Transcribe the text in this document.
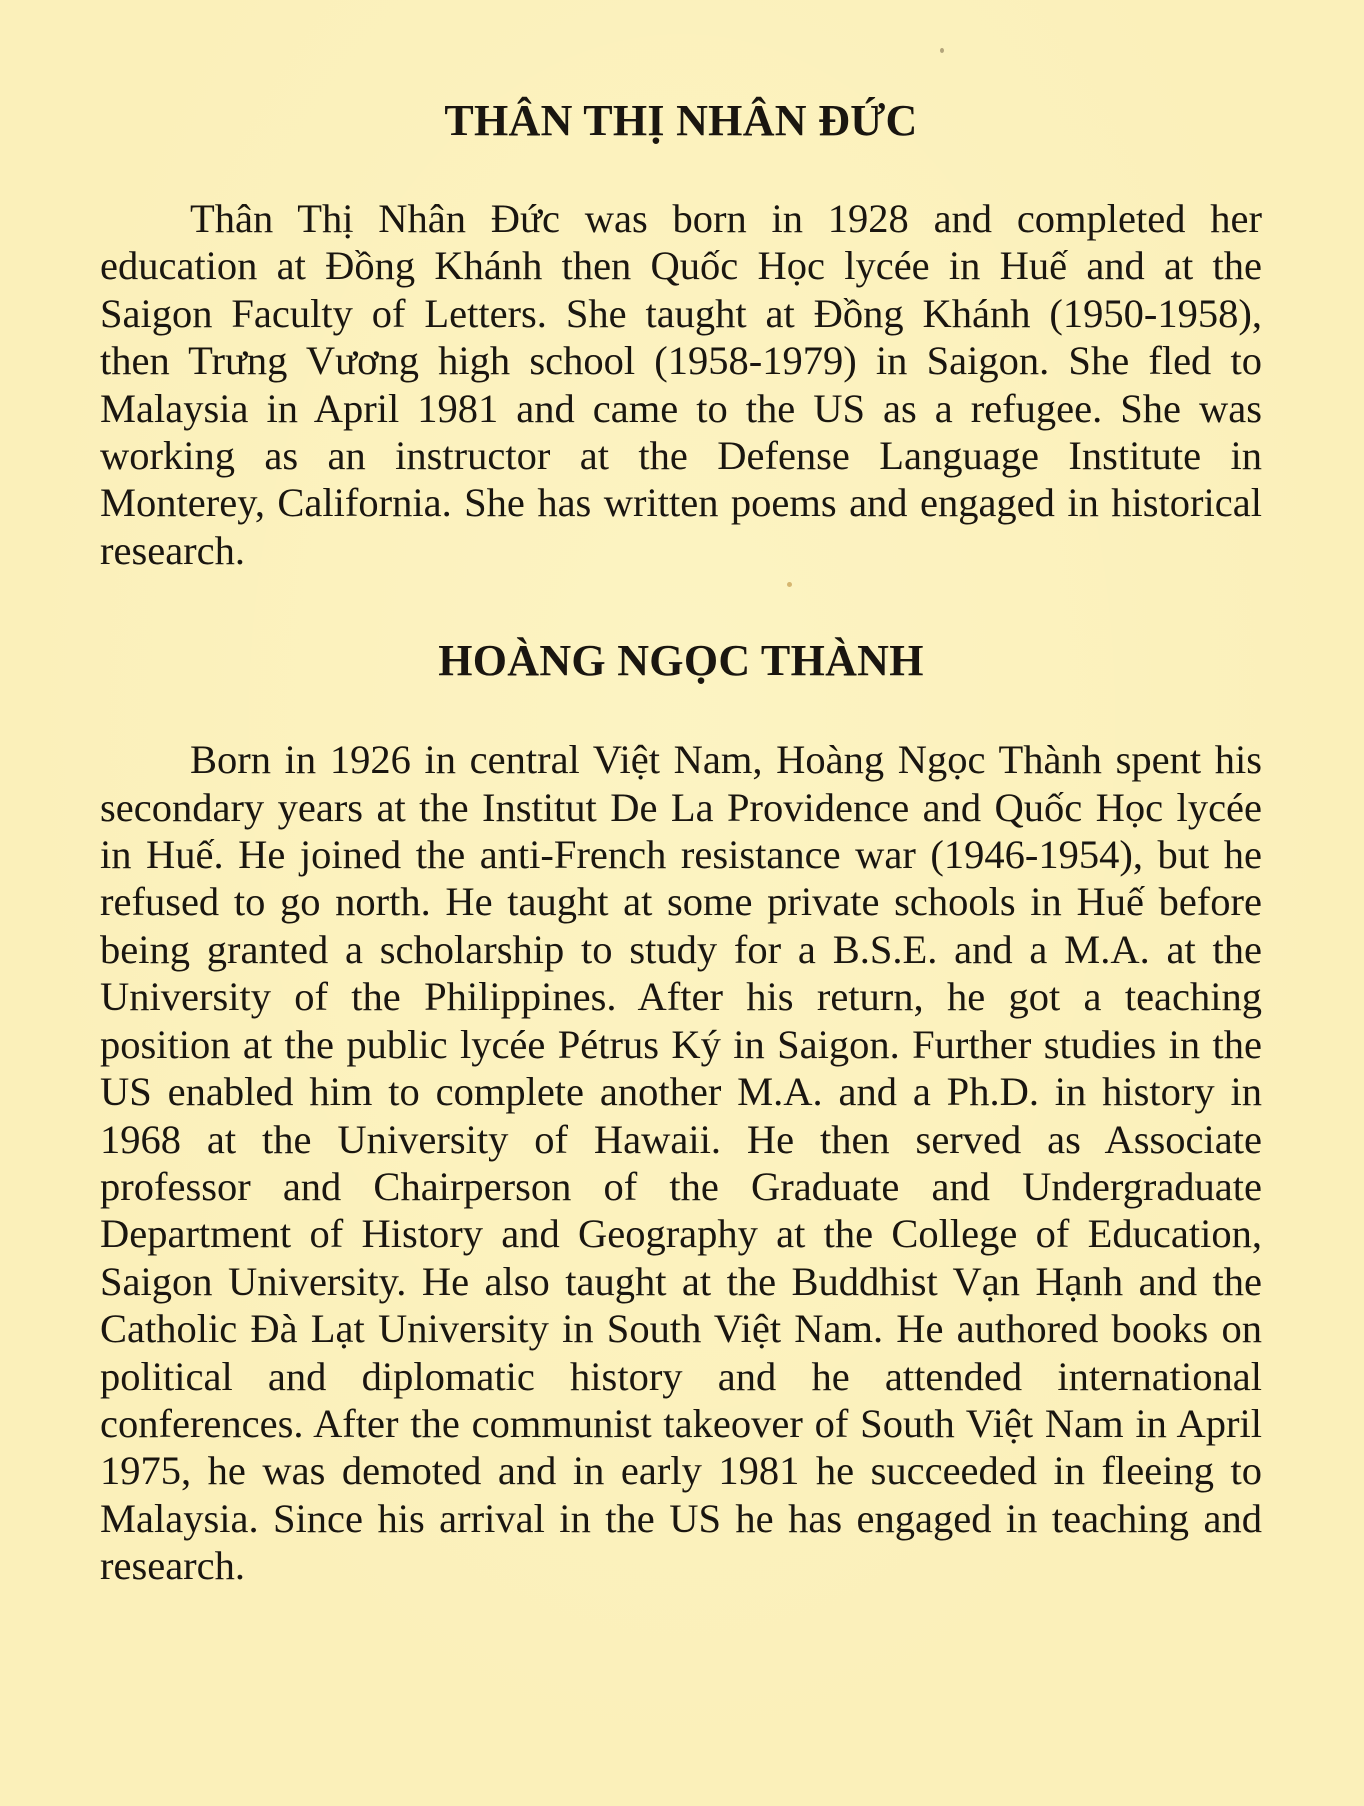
THÂN THỊ NHÂN ĐỨC

Thân Thị Nhân Đức was born in 1928 and completed her education at Đồng Khánh then Quốc Học lycée in Huế and at the Saigon Faculty of Letters. She taught at Đồng Khánh (1950-1958), then Trưng Vương high school (1958-1979) in Saigon. She fled to Malaysia in April 1981 and came to the US as a refugee. She was working as an instructor at the Defense Language Institute in Monterey, California. She has written poems and engaged in historical research.

HOÀNG NGỌC THÀNH

Born in 1926 in central Việt Nam, Hoàng Ngọc Thành spent his secondary years at the Institut De La Providence and Quốc Học lycée in Huế. He joined the anti-French resistance war (1946-1954), but he refused to go north. He taught at some private schools in Huế before being granted a scholarship to study for a B.S.E. and a M.A. at the University of the Philippines. After his return, he got a teaching position at the public lycée Pétrus Ký in Saigon. Further studies in the US enabled him to complete another M.A. and a Ph.D. in history in 1968 at the University of Hawaii. He then served as Associate professor and Chairperson of the Graduate and Undergraduate Department of History and Geography at the College of Education, Saigon University. He also taught at the Buddhist Vạn Hạnh and the Catholic Đà Lạt University in South Việt Nam. He authored books on political and diplomatic history and he attended international conferences. After the communist takeover of South Việt Nam in April 1975, he was demoted and in early 1981 he succeeded in fleeing to Malaysia. Since his arrival in the US he has engaged in teaching and research.
